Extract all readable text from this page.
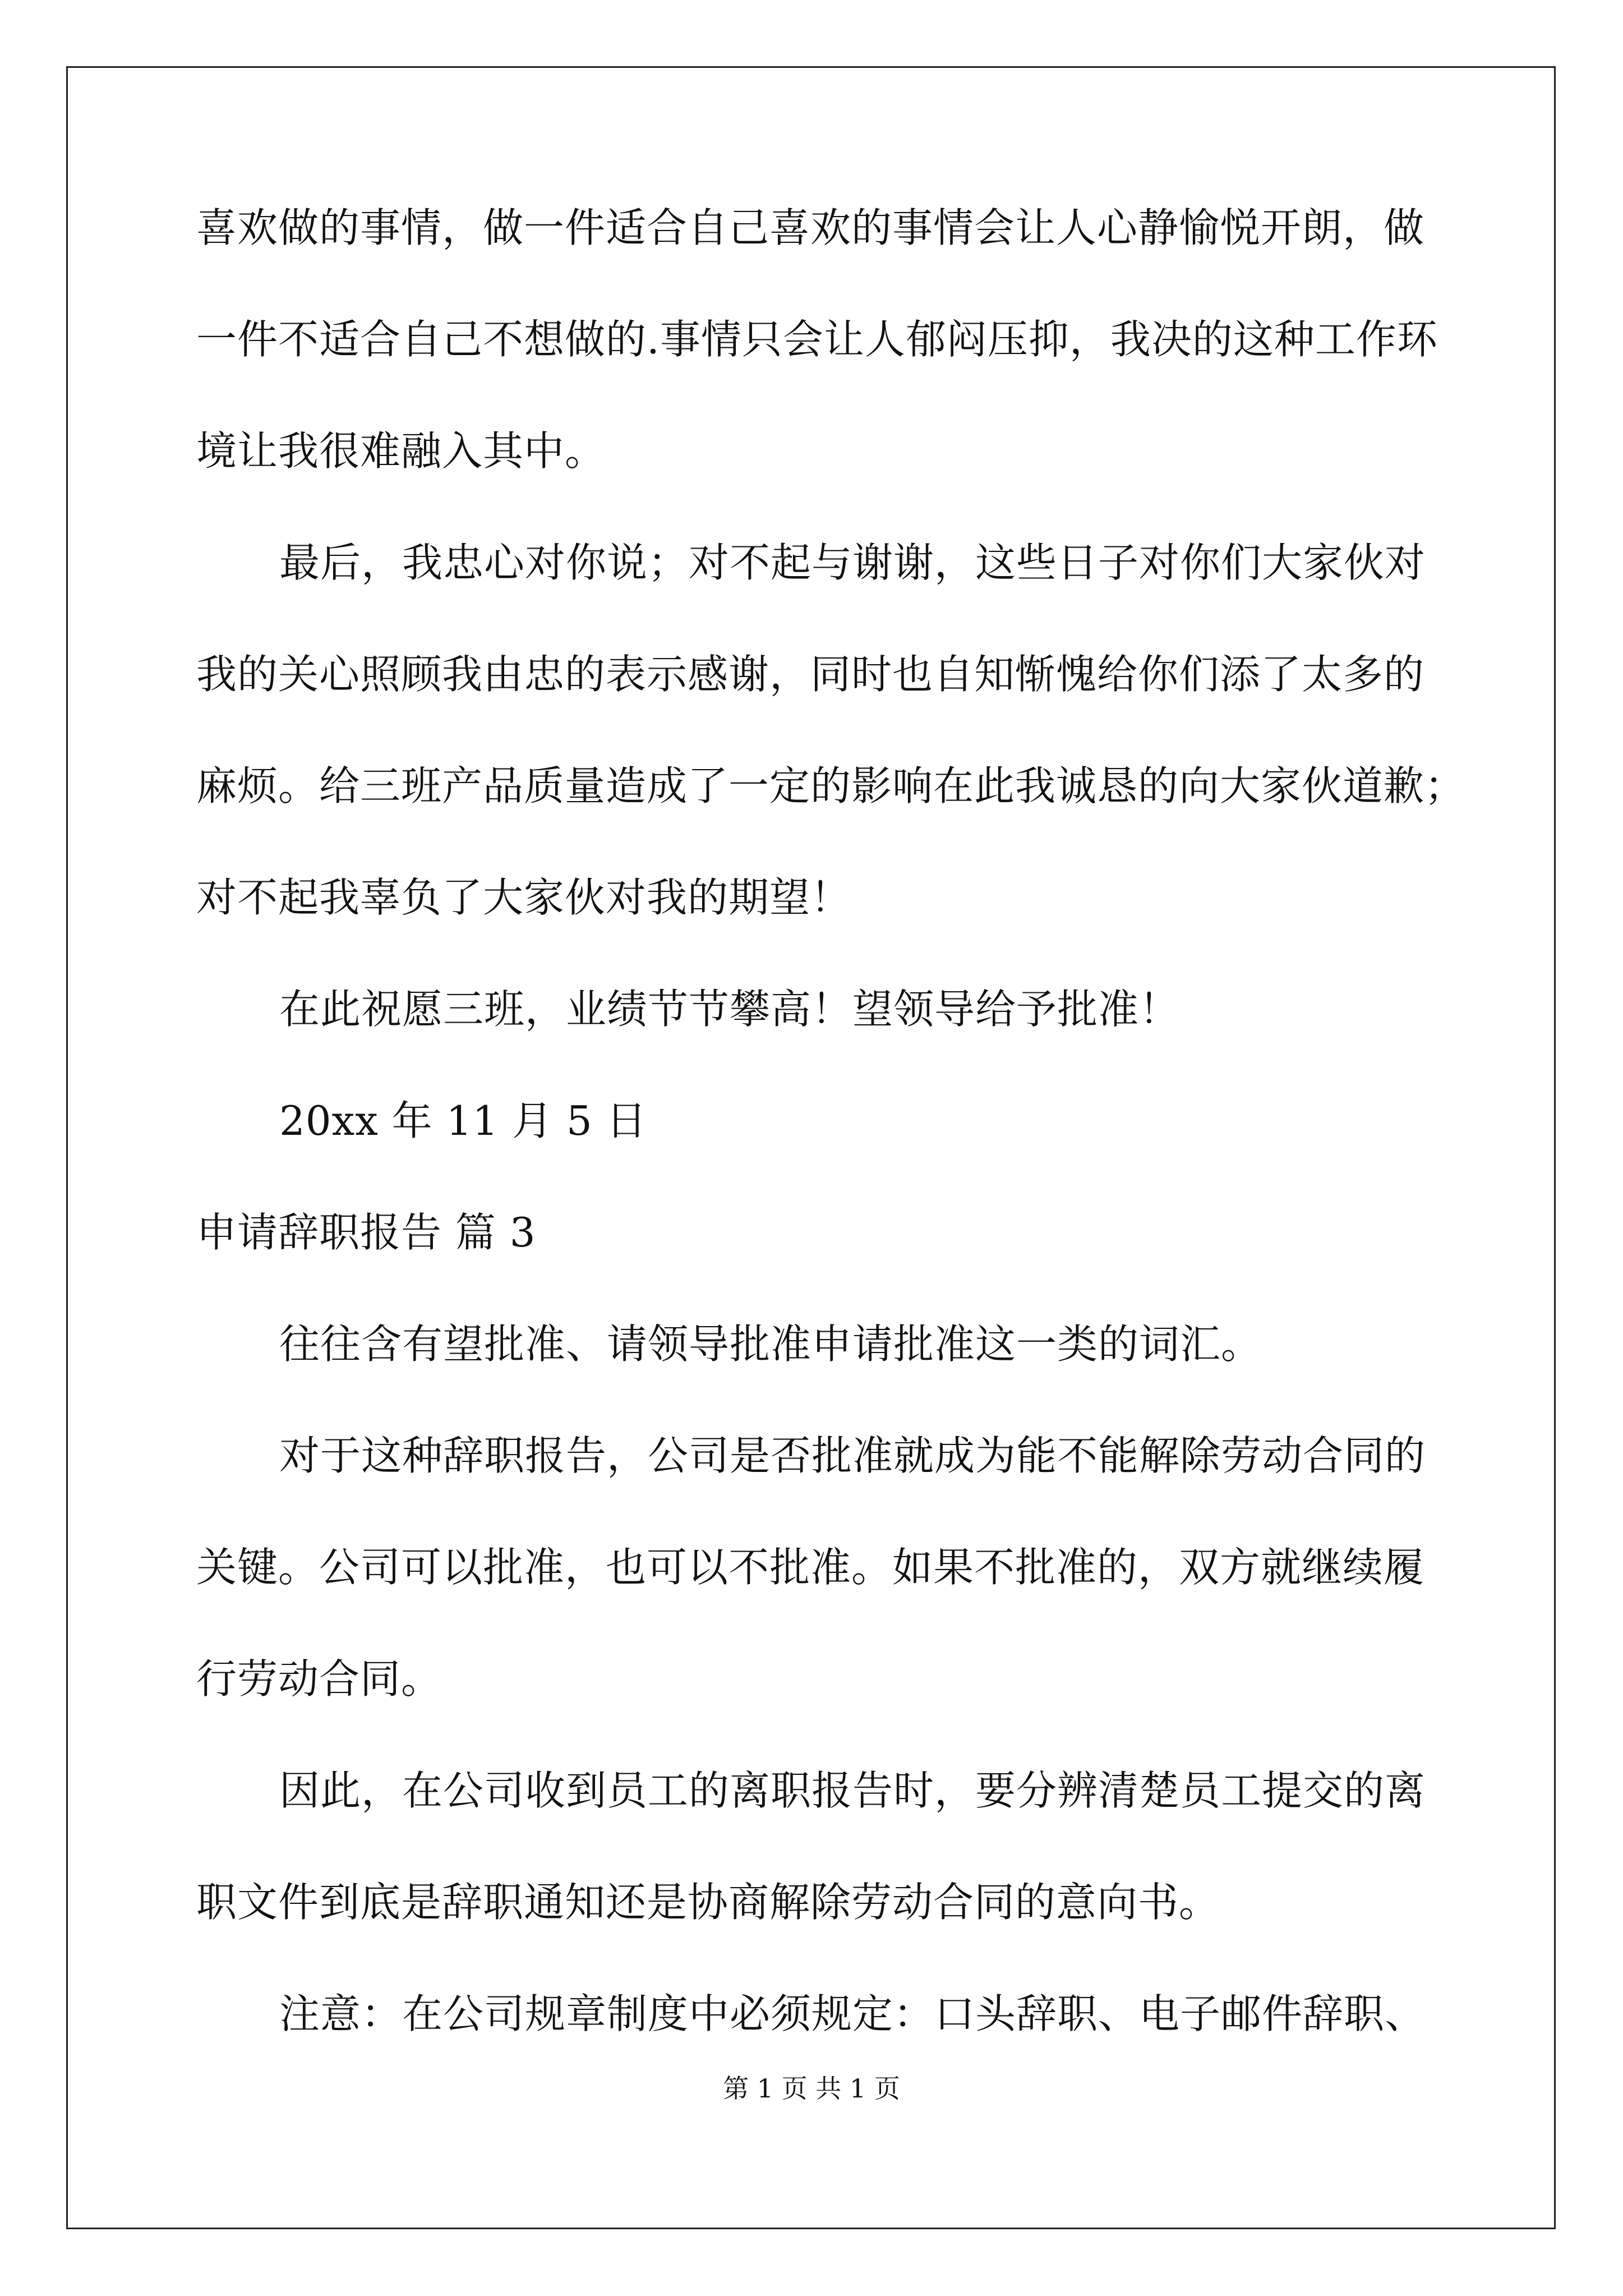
喜欢做的事情，做一件适合自己喜欢的事情会让人心静愉悦开朗，做

一件不适合自己不想做的.事情只会让人郁闷压抑，我决的这种工作环

境让我很难融入其中。

最后，我忠心对你说；对不起与谢谢，这些日子对你们大家伙对

我的关心照顾我由忠的表示感谢，同时也自知惭愧给你们添了太多的

麻烦。给三班产品质量造成了一定的影响在此我诚恳的向大家伙道歉；

对不起我辜负了大家伙对我的期望！

在此祝愿三班，业绩节节攀高！望领导给予批准！

20xx 年 11 月 5 日

申请辞职报告 篇 3

往往含有望批准、请领导批准申请批准这一类的词汇。

对于这种辞职报告，公司是否批准就成为能不能解除劳动合同的

关键。公司可以批准，也可以不批准。如果不批准的，双方就继续履

行劳动合同。

因此，在公司收到员工的离职报告时，要分辨清楚员工提交的离

职文件到底是辞职通知还是协商解除劳动合同的意向书。

注意：在公司规章制度中必须规定：口头辞职、电子邮件辞职、

第 1 页 共 1 页
